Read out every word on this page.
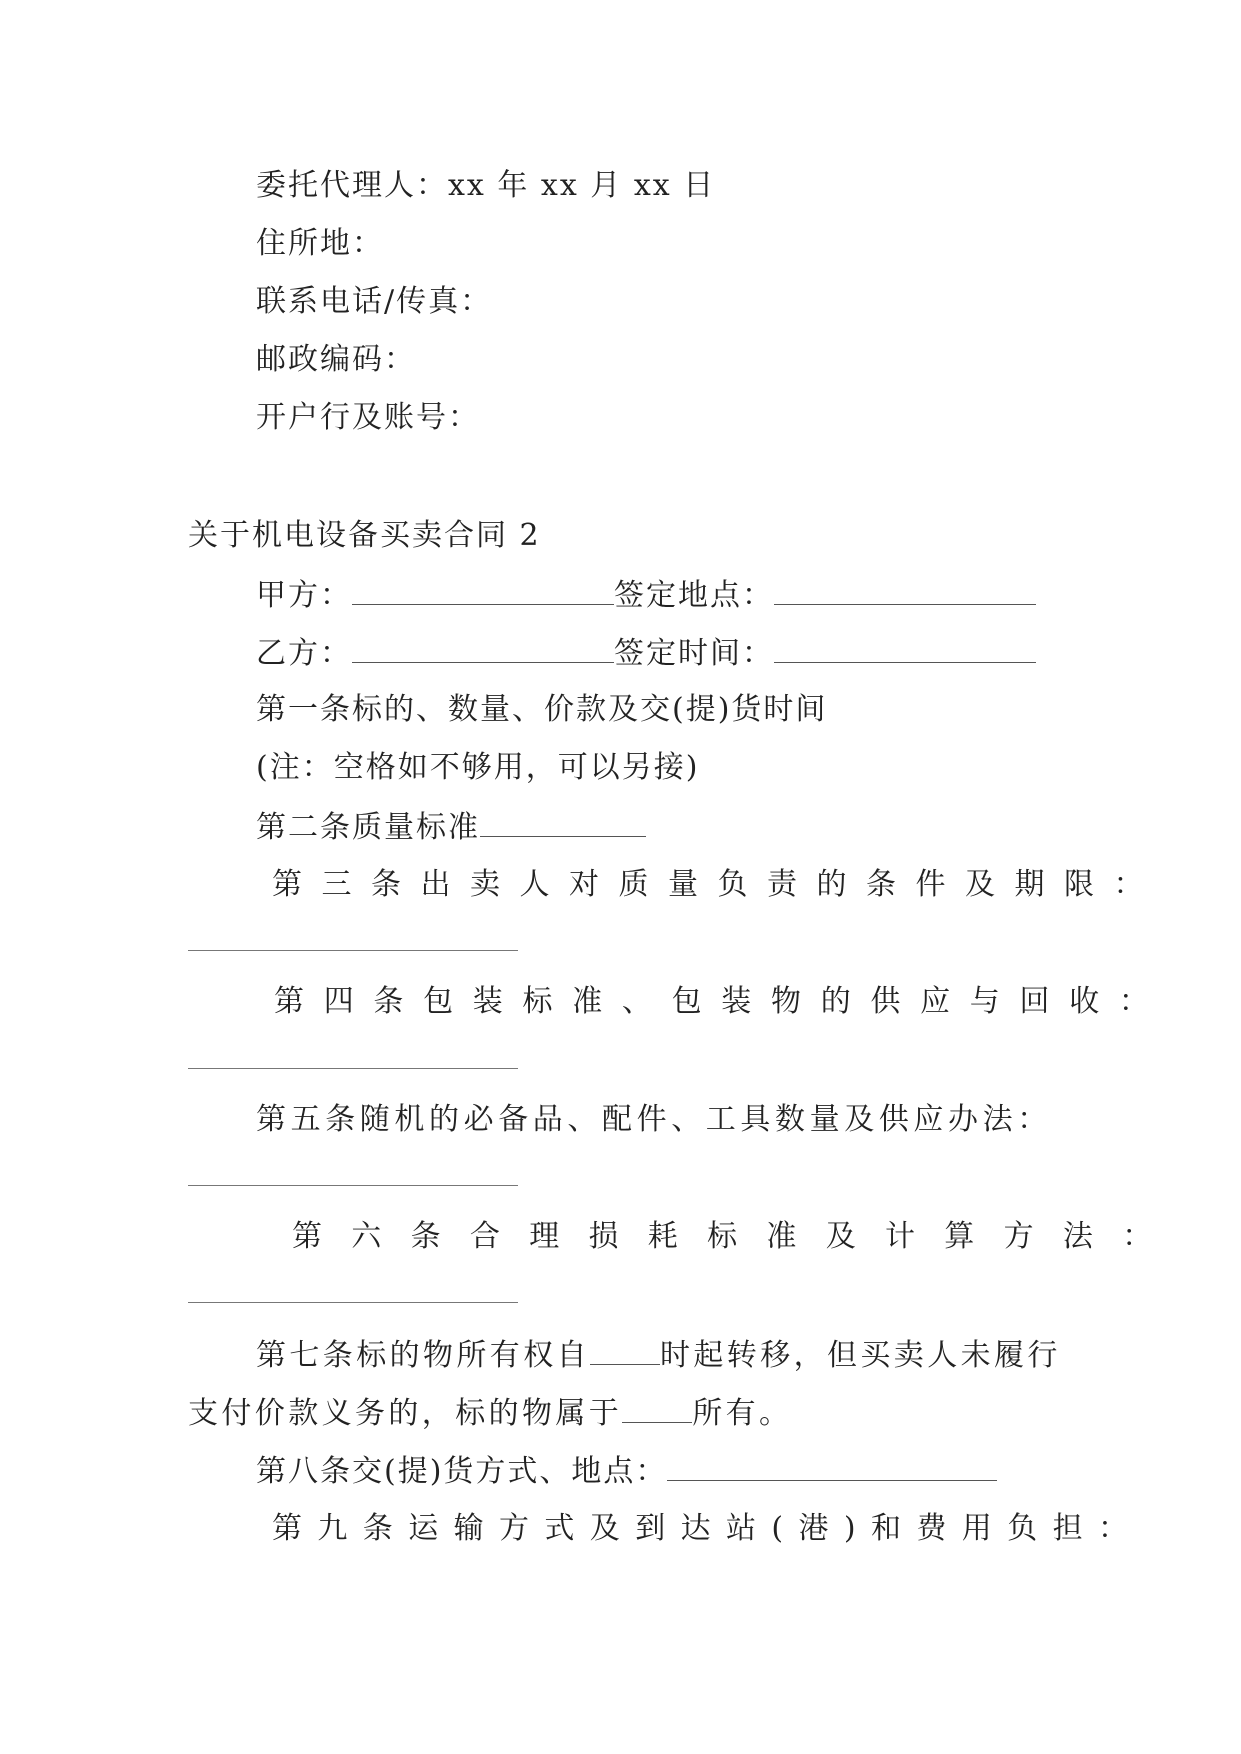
委托代理人：xx 年 xx 月 xx 日
住所地：
联系电话/传真：
邮政编码：
开户行及账号：
关于机电设备买卖合同 2
甲方：	签定地点：
乙方：	签定时间：
第一条标的、数量、价款及交(提)货时间
(注：空格如不够用，可以另接)
第二条质量标准
第三条出卖人对质量负责的条件及期限：
第四条包装标准、包装物的供应与回收：
第五条随机的必备品、配件、工具数量及供应办法：
第六条合理损耗标准及计算方法：
第七条标的物所有权自 时起转移，但买卖人未履行
支付价款义务的，标的物属于 所有。
第八条交(提)货方式、地点：
第九条运输方式及到达站(港)和费用负担：
